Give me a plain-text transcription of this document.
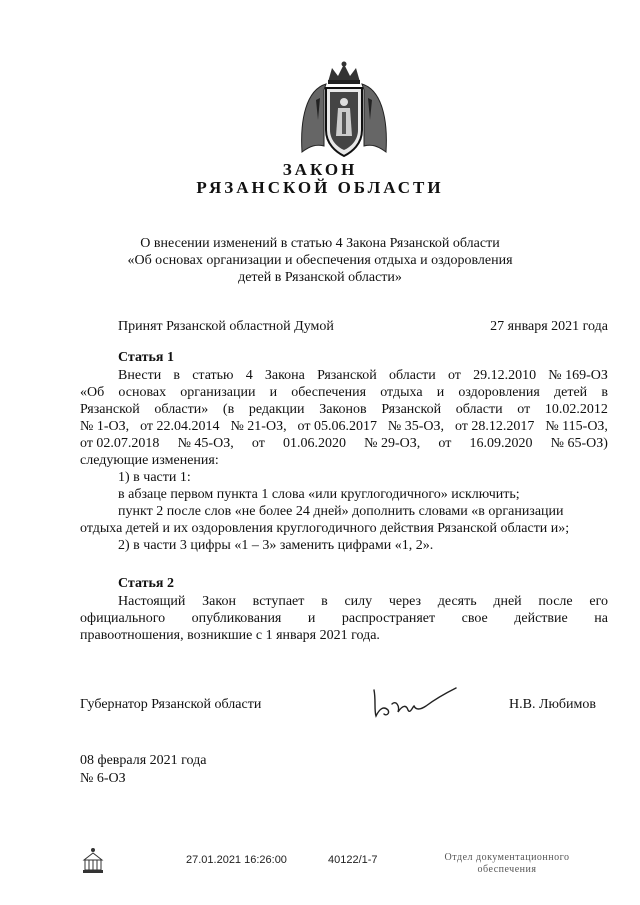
ЗАКОН
РЯЗАНСКОЙ ОБЛАСТИ
О внесении изменений в статью 4 Закона Рязанской области
«Об основах организации и обеспечения отдыха и оздоровления
детей в Рязанской области»
Принят Рязанской областной Думой	27 января 2021 года
Статья 1
Внести в статью 4 Закона Рязанской области от 29.12.2010 № 169-ОЗ
«Об основах организации и обеспечения отдыха и оздоровления детей в
Рязанской области» (в редакции Законов Рязанской области от 10.02.2012
№ 1-ОЗ, от 22.04.2014 № 21-ОЗ, от 05.06.2017 № 35-ОЗ, от 28.12.2017 № 115-ОЗ,
от 02.07.2018 № 45-ОЗ, от 01.06.2020 № 29-ОЗ, от 16.09.2020 № 65-ОЗ)
следующие изменения:
1) в части 1:
в абзаце первом пункта 1 слова «или круглогодичного» исключить;
пункт 2 после слов «не более 24 дней» дополнить словами «в организации
отдыха детей и их оздоровления круглогодичного действия Рязанской области и»;
2) в части 3 цифры «1 – 3» заменить цифрами «1, 2».
Статья 2
Настоящий Закон вступает в силу через десять дней после его
официального опубликования и распространяет свое действие на
правоотношения, возникшие с 1 января 2021 года.
Губернатор Рязанской области	Н.В. Любимов
08 февраля 2021 года
№ 6-ОЗ
27.01.2021 16:26:00	40122/1-7	Отдел документационного
обеспечения
